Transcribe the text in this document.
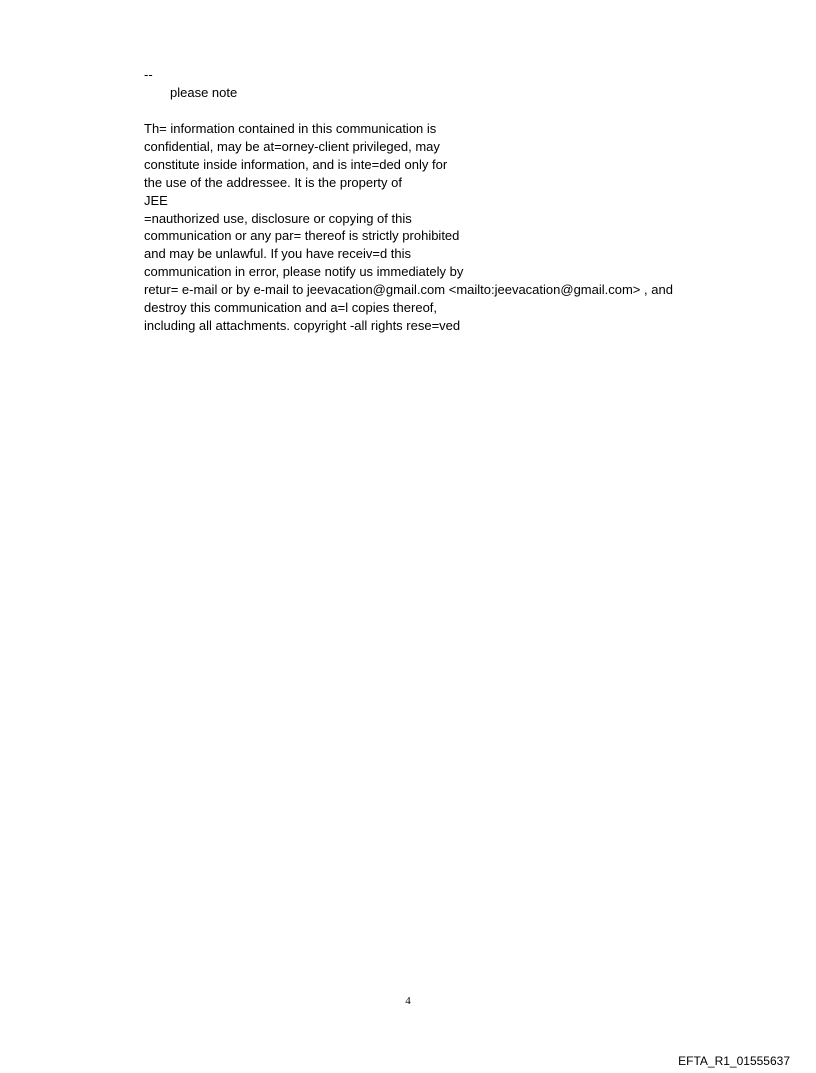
--
please note
Th= information contained in this communication is
confidential, may be at=orney-client privileged, may
constitute inside information, and is inte=ded only for
the use of the addressee. It is the property of
JEE
=nauthorized use, disclosure or copying of this
communication or any par= thereof is strictly prohibited
and may be unlawful. If you have receiv=d this
communication in error, please notify us immediately by
retur= e-mail or by e-mail to jeevacation@gmail.com <mailto:jeevacation@gmail.com> , and
destroy this communication and a=l copies thereof,
including all attachments. copyright -all rights rese=ved
4
EFTA_R1_01555637
